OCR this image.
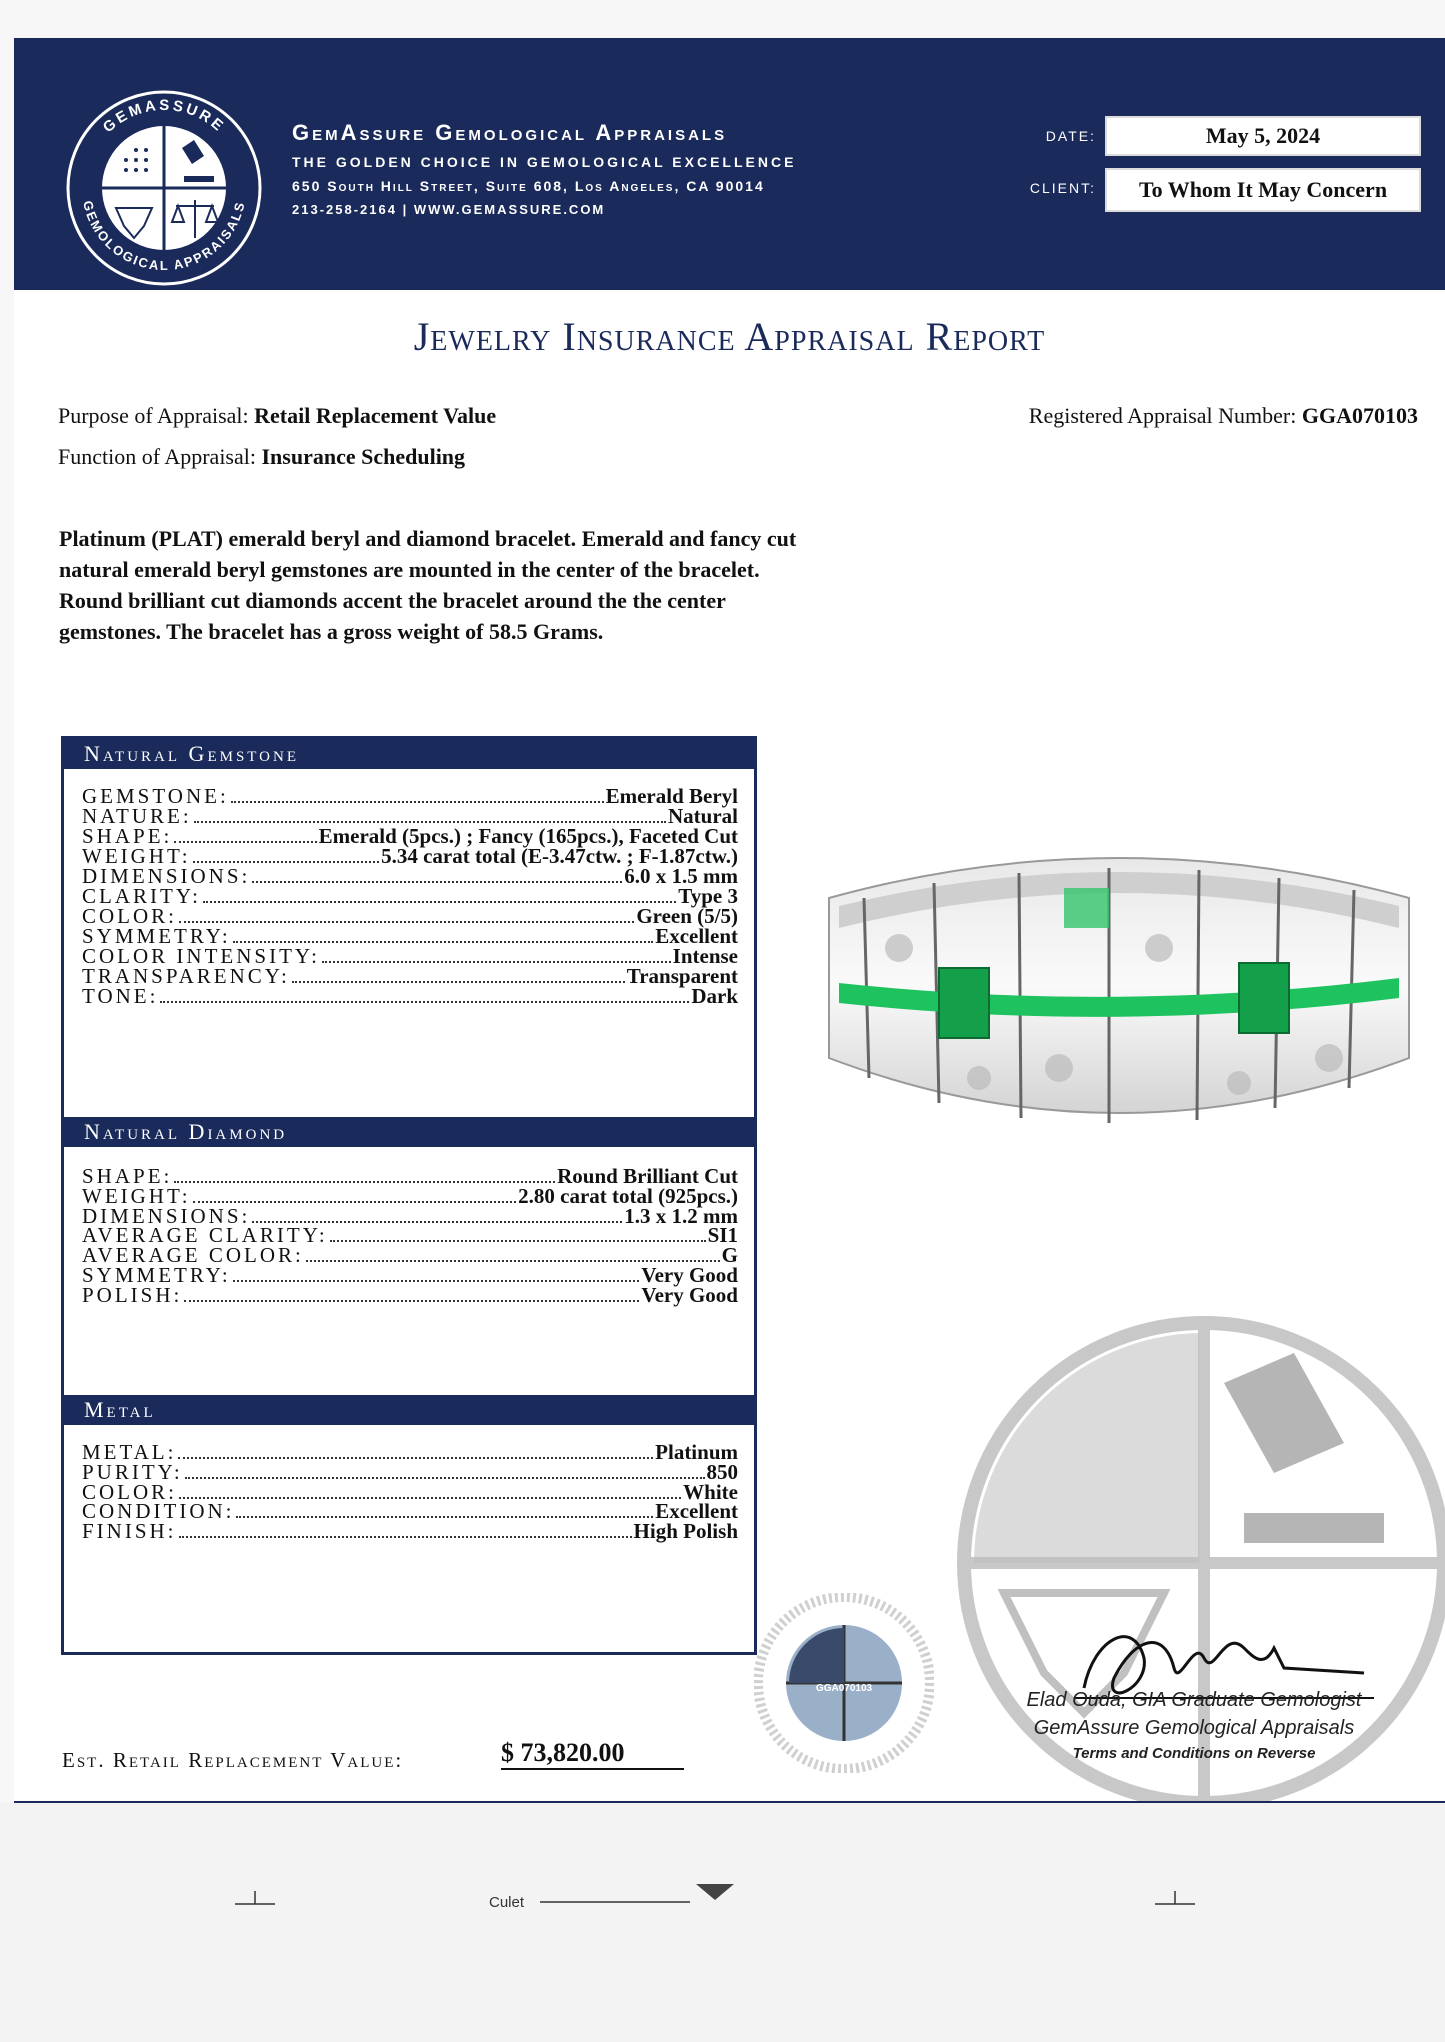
GEMASSURE
GEMOLOGICAL APPRAISALS
GemAssure Gemological Appraisals
THE GOLDEN CHOICE IN GEMOLOGICAL EXCELLENCE
650 South Hill Street, Suite 608, Los Angeles, CA 90014
213-258-2164 | WWW.GEMASSURE.COM
DATE:	May 5, 2024
CLIENT:	To Whom It May Concern
Jewelry Insurance Appraisal Report
Purpose of Appraisal: Retail Replacement Value
Function of Appraisal: Insurance Scheduling
Registered Appraisal Number: GGA070103
Platinum (PLAT) emerald beryl and diamond bracelet. Emerald and fancy cut natural emerald beryl gemstones are mounted in the center of the bracelet. Round brilliant cut diamonds accent the bracelet around the the center gemstones. The bracelet has a gross weight of 58.5 Grams.
Natural Gemstone
GEMSTONE:	Emerald Beryl
NATURE:	Natural
SHAPE:	Emerald (5pcs.) ; Fancy (165pcs.), Faceted Cut
WEIGHT:	5.34 carat total (E-3.47ctw. ; F-1.87ctw.)
DIMENSIONS:	6.0 x 1.5 mm
CLARITY:	Type 3
COLOR:	Green (5/5)
SYMMETRY:	Excellent
COLOR INTENSITY:	Intense
TRANSPARENCY:	Transparent
TONE:	Dark
Natural Diamond
SHAPE:	Round Brilliant Cut
WEIGHT:	2.80 carat total (925pcs.)
DIMENSIONS:	1.3 x 1.2 mm
AVERAGE CLARITY:	SI1
AVERAGE COLOR:	G
SYMMETRY:	Very Good
POLISH:	Very Good
Metal
METAL:	Platinum
PURITY:	850
COLOR:	White
CONDITION:	Excellent
FINISH:	High Polish
GGA070103
Elad Ouda, GIA Graduate Gemologist
GemAssure Gemological Appraisals
Terms and Conditions on Reverse
Est. Retail Replacement Value:	$ 73,820.00
Culet
